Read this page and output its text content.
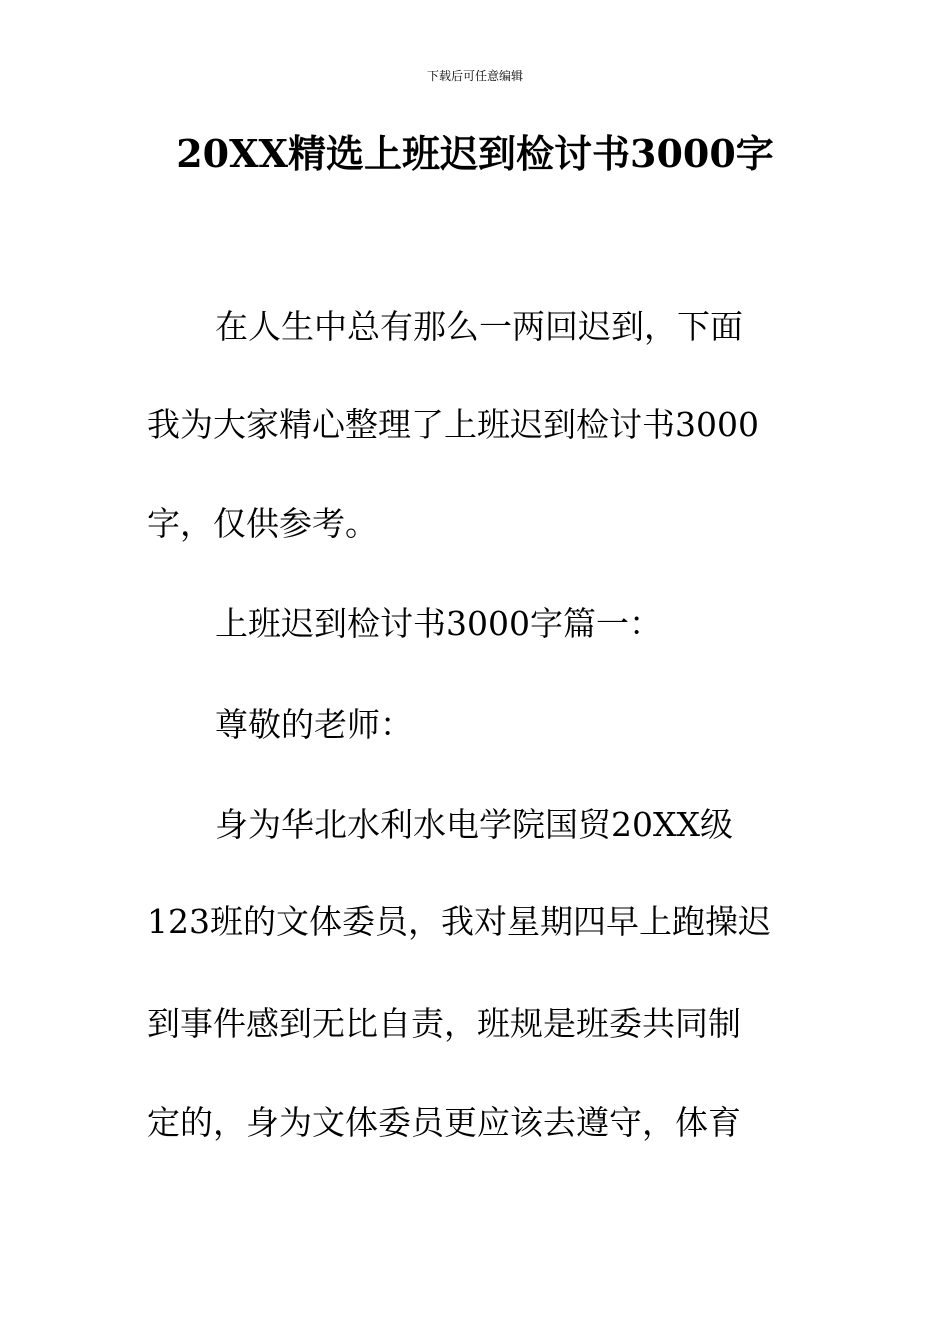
下载后可任意编辑
20XX精选上班迟到检讨书3000字
在人生中总有那么一两回迟到，下面
我为大家精心整理了上班迟到检讨书3000
字，仅供参考。
上班迟到检讨书3000字篇一：
尊敬的老师：
身为华北水利水电学院国贸20XX级
123班的文体委员，我对星期四早上跑操迟
到事件感到无比自责，班规是班委共同制
定的，身为文体委员更应该去遵守，体育
